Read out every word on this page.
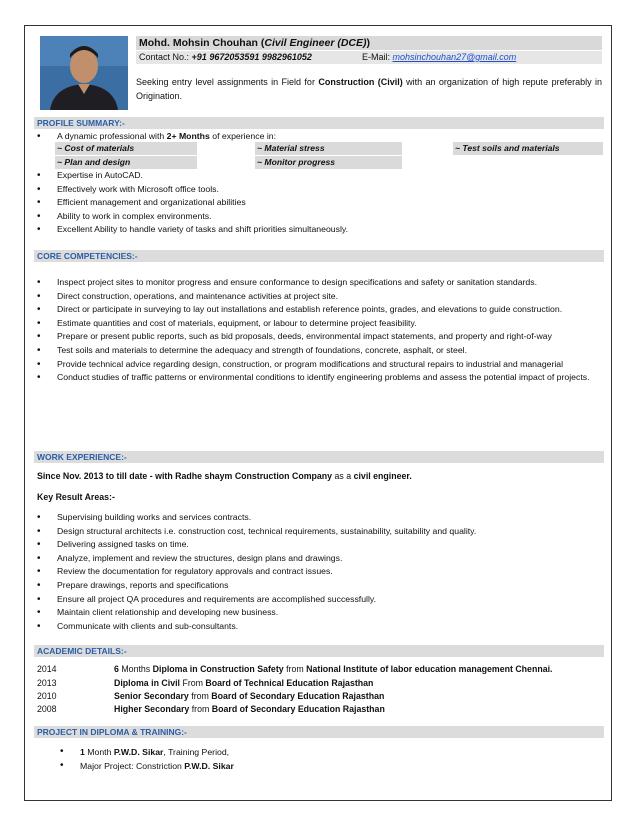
Mohd. Mohsin Chouhan (Civil Engineer (DCE))
Contact No.: +91 9672053591 9982961052	E-Mail: mohsinchouhan27@gmail.com
Seeking entry level assignments in Field for Construction (Civil) with an organization of high repute preferably in Origination.
PROFILE SUMMARY:-
• A dynamic professional with 2+ Months of experience in:
~ Cost of materials	~ Material stress	~ Test soils and materials
~ Plan and design	~ Monitor progress
• Expertise in AutoCAD.
• Effectively work with Microsoft office tools.
• Efficient management and organizational abilities
• Ability to work in complex environments.
• Excellent Ability to handle variety of tasks and shift priorities simultaneously.
CORE COMPETENCIES:-
• Inspect project sites to monitor progress and ensure conformance to design specifications and safety or sanitation standards.
• Direct construction, operations, and maintenance activities at project site.
• Direct or participate in surveying to lay out installations and establish reference points, grades, and elevations to guide construction.
• Estimate quantities and cost of materials, equipment, or labour to determine project feasibility.
• Prepare or present public reports, such as bid proposals, deeds, environmental impact statements, and property and right-of-way
• Test soils and materials to determine the adequacy and strength of foundations, concrete, asphalt, or steel.
• Provide technical advice regarding design, construction, or program modifications and structural repairs to industrial and managerial
• Conduct studies of traffic patterns or environmental conditions to identify engineering problems and assess the potential impact of projects.
WORK EXPERIENCE:-
Since Nov. 2013 to till date - with Radhe shaym Construction Company as a civil engineer.
Key Result Areas:-
• Supervising building works and services contracts.
• Design structural architects i.e. construction cost, technical requirements, sustainability, suitability and quality.
• Delivering assigned tasks on time.
• Analyze, implement and review the structures, design plans and drawings.
• Review the documentation for regulatory approvals and contract issues.
• Prepare drawings, reports and specifications
• Ensure all project QA procedures and requirements are accomplished successfully.
• Maintain client relationship and developing new business.
• Communicate with clients and sub-consultants.
ACADEMIC DETAILS:-
2014	6 Months Diploma in Construction Safety from National Institute of labor education management Chennai.
2013	Diploma in Civil From Board of Technical Education Rajasthan
2010	Senior Secondary from Board of Secondary Education Rajasthan
2008	Higher Secondary from Board of Secondary Education Rajasthan
PROJECT IN DIPLOMA & TRAINING:-
• 1 Month P.W.D. Sikar, Training Period,
• Major Project: Constriction P.W.D. Sikar
